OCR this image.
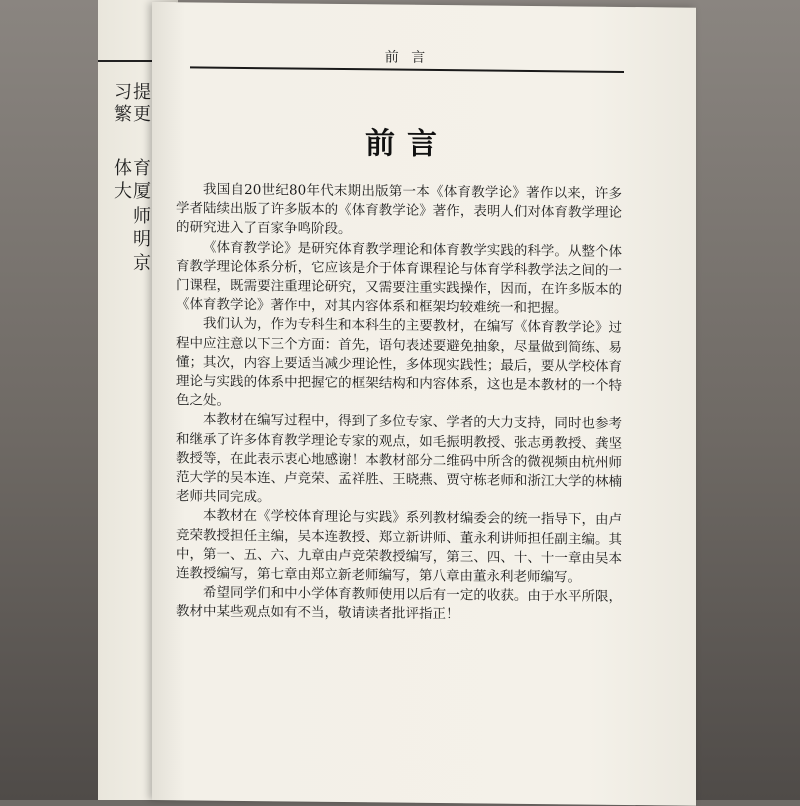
习提
繁更
体育
大厦
师
明
京
前 言
前言

我国自20世纪80年代末期出版第一本《体育教学论》著作以来，许多学者陆续出版了许多版本的《体育教学论》著作，表明人们对体育教学理论的研究进入了百家争鸣阶段。

《体育教学论》是研究体育教学理论和体育教学实践的科学。从整个体育教学理论体系分析，它应该是介于体育课程论与体育学科教学法之间的一门课程，既需要注重理论研究，又需要注重实践操作，因而，在许多版本的《体育教学论》著作中，对其内容体系和框架均较难统一和把握。

我们认为，作为专科生和本科生的主要教材，在编写《体育教学论》过程中应注意以下三个方面：首先，语句表述要避免抽象，尽量做到简练、易懂；其次，内容上要适当减少理论性，多体现实践性；最后，要从学校体育理论与实践的体系中把握它的框架结构和内容体系，这也是本教材的一个特色之处。

本教材在编写过程中，得到了多位专家、学者的大力支持，同时也参考和继承了许多体育教学理论专家的观点，如毛振明教授、张志勇教授、龚坚教授等，在此表示衷心地感谢！本教材部分二维码中所含的微视频由杭州师范大学的吴本连、卢竞荣、孟祥胜、王晓燕、贾守栋老师和浙江大学的林楠老师共同完成。

本教材在《学校体育理论与实践》系列教材编委会的统一指导下，由卢竞荣教授担任主编，吴本连教授、郑立新讲师、董永利讲师担任副主编。其中，第一、五、六、九章由卢竞荣教授编写，第三、四、十、十一章由吴本连教授编写，第七章由郑立新老师编写，第八章由董永利老师编写。

希望同学们和中小学体育教师使用以后有一定的收获。由于水平所限，教材中某些观点如有不当，敬请读者批评指正！
